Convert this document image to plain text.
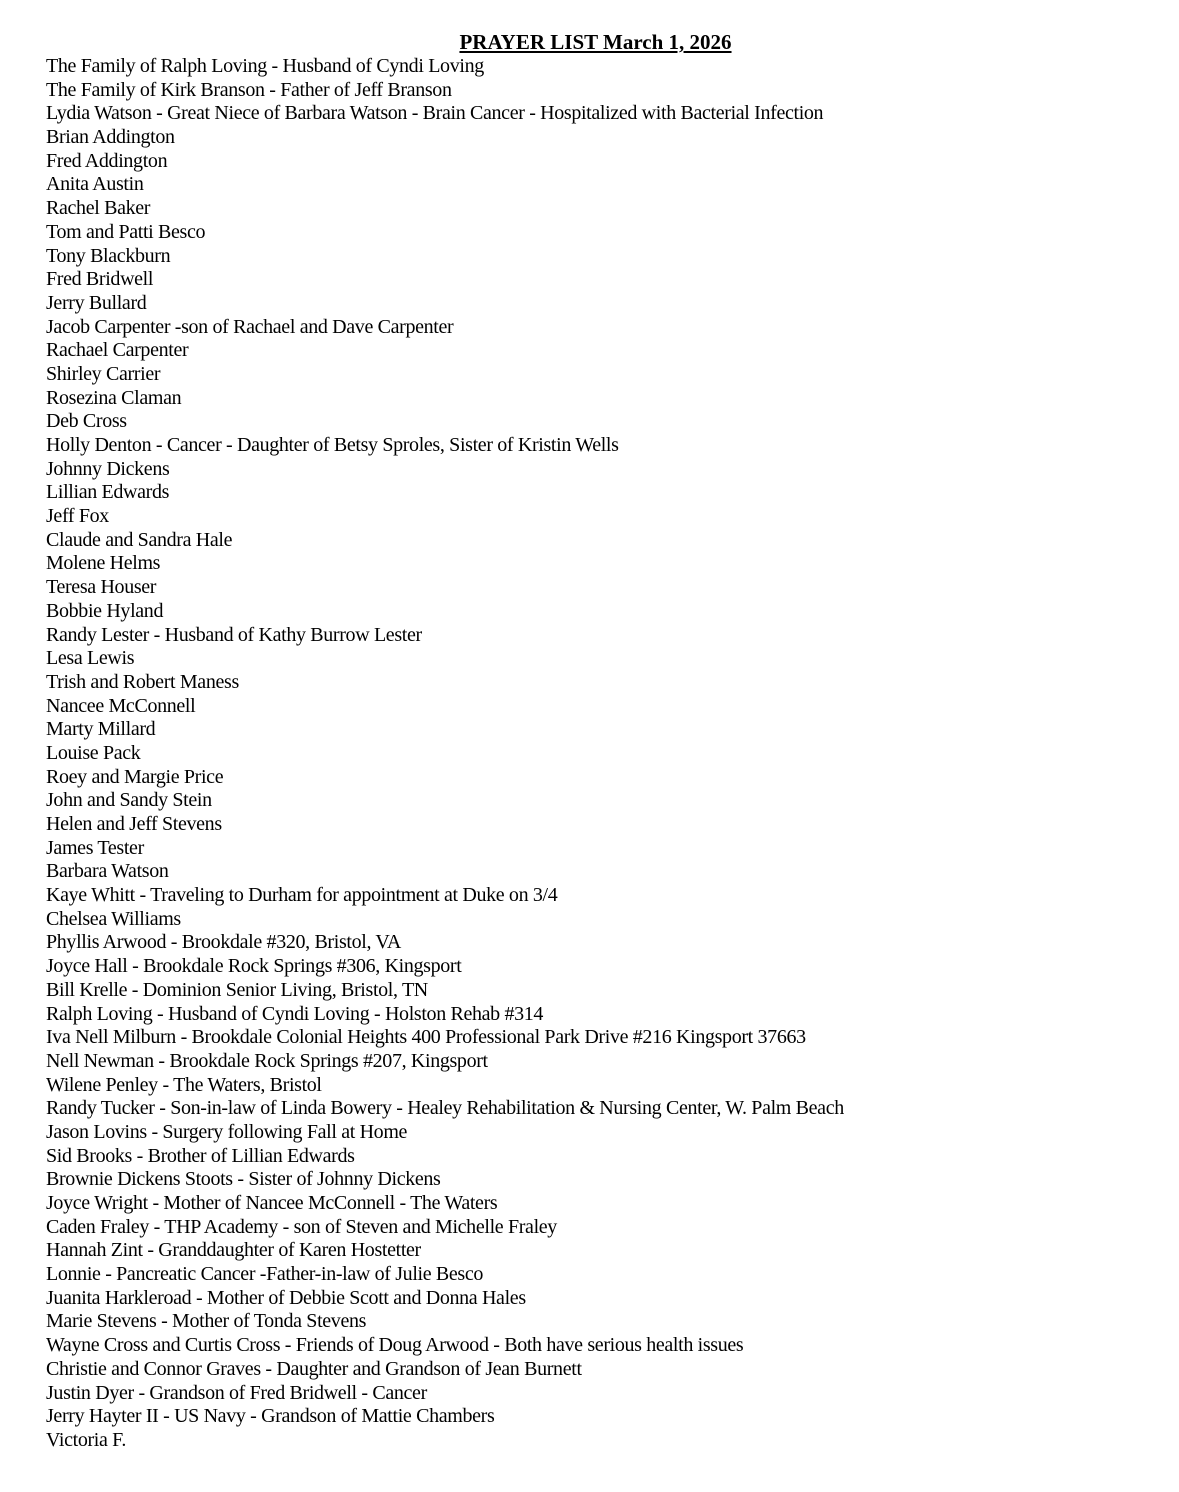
PRAYER LIST March 1, 2026
The Family of Ralph Loving - Husband of Cyndi Loving
The Family of Kirk Branson - Father of Jeff Branson
Lydia Watson - Great Niece of Barbara Watson - Brain Cancer - Hospitalized with Bacterial Infection
Brian Addington
Fred Addington
Anita Austin
Rachel Baker
Tom and Patti Besco
Tony Blackburn
Fred Bridwell
Jerry Bullard
Jacob Carpenter -son of Rachael and Dave Carpenter
Rachael Carpenter
Shirley Carrier
Rosezina Claman
Deb Cross
Holly Denton - Cancer - Daughter of Betsy Sproles, Sister of Kristin Wells
Johnny Dickens
Lillian Edwards
Jeff Fox
Claude and Sandra Hale
Molene Helms
Teresa Houser
Bobbie Hyland
Randy Lester - Husband of Kathy Burrow Lester
Lesa Lewis
Trish and Robert Maness
Nancee McConnell
Marty Millard
Louise Pack
Roey and Margie Price
John and Sandy Stein
Helen and Jeff Stevens
James Tester
Barbara Watson
Kaye Whitt - Traveling to Durham for appointment at Duke on 3/4
Chelsea Williams
Phyllis Arwood - Brookdale #320, Bristol, VA
Joyce Hall - Brookdale Rock Springs #306, Kingsport
Bill Krelle - Dominion Senior Living, Bristol, TN
Ralph Loving - Husband of Cyndi Loving - Holston Rehab #314
Iva Nell Milburn - Brookdale Colonial Heights 400 Professional Park Drive #216 Kingsport 37663
Nell Newman - Brookdale Rock Springs #207, Kingsport
Wilene Penley - The Waters, Bristol
Randy Tucker - Son-in-law of Linda Bowery - Healey Rehabilitation & Nursing Center, W. Palm Beach
Jason Lovins - Surgery following Fall at Home
Sid Brooks - Brother of Lillian Edwards
Brownie Dickens Stoots - Sister of Johnny Dickens
Joyce Wright - Mother of Nancee McConnell - The Waters
Caden Fraley - THP Academy - son of Steven and Michelle Fraley
Hannah Zint - Granddaughter of Karen Hostetter
Lonnie - Pancreatic Cancer -Father-in-law of Julie Besco
Juanita Harkleroad - Mother of Debbie Scott and Donna Hales
Marie Stevens - Mother of Tonda Stevens
Wayne Cross and Curtis Cross - Friends of Doug Arwood - Both have serious health issues
Christie and Connor Graves - Daughter and Grandson of Jean Burnett
Justin Dyer - Grandson of Fred Bridwell - Cancer
Jerry Hayter II - US Navy - Grandson of Mattie Chambers
Victoria F.
